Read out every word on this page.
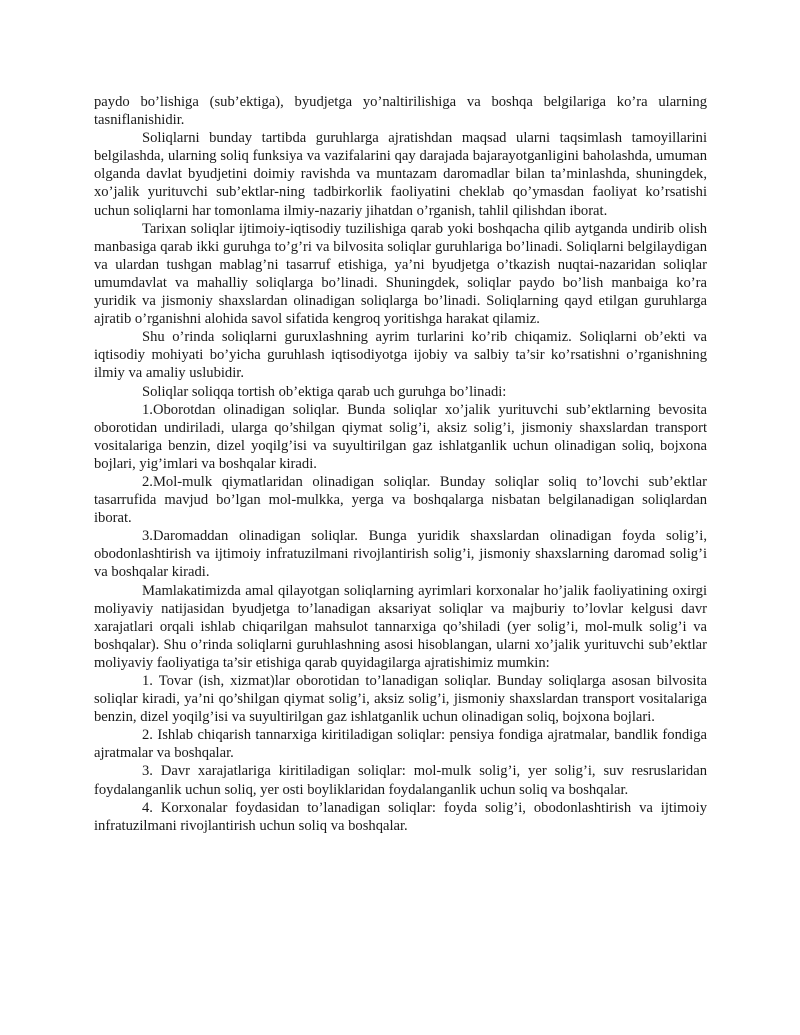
paydo bo’lishiga (sub’ektiga), byudjetga yo’naltirilishiga va boshqa belgilariga ko’ra ularning tasniflanishidir.

Soliqlarni bunday tartibda guruhlarga ajratishdan maqsad ularni taqsimlash tamoyillarini belgilashda, ularning soliq funksiya va vazifalarini qay darajada bajarayotganligini baholashda, umuman olganda davlat byudjetini doimiy ravishda va muntazam daromadlar bilan ta’minlashda, shuningdek, xo’jalik yurituvchi sub’ektlar-ning tadbirkorlik faoliyatini cheklab qo’ymasdan faoliyat ko’rsatishi uchun soliqlarni har tomonlama ilmiy-nazariy jihatdan o’rganish, tahlil qilishdan iborat.

Tarixan soliqlar ijtimoiy-iqtisodiy tuzilishiga qarab yoki boshqacha qilib aytganda undirib olish manbasiga qarab ikki guruhga to’g’ri va bilvosita soliqlar guruhlariga bo’linadi. Soliqlarni belgilaydigan va ulardan tushgan mablag’ni tasarruf etishiga, ya’ni byudjetga o’tkazish nuqtai-nazaridan soliqlar umumdavlat va mahalliy soliqlarga bo’linadi. Shuningdek, soliqlar paydo bo’lish manbaiga ko’ra yuridik va jismoniy shaxslardan olinadigan soliqlarga bo’linadi. Soliqlarning qayd etilgan guruhlarga ajratib o’rganishni alohida savol sifatida kengroq yoritishga harakat qilamiz.

Shu o’rinda soliqlarni guruxlashning ayrim turlarini ko’rib chiqamiz. Soliqlarni ob’ekti va iqtisodiy mohiyati bo’yicha guruhlash iqtisodiyotga ijobiy va salbiy ta’sir ko’rsatishni o’rganishning ilmiy va amaliy uslubidir.

Soliqlar soliqqa tortish ob’ektiga qarab uch guruhga bo’linadi:

1.Oborotdan olinadigan soliqlar. Bunda soliqlar xo’jalik yurituvchi sub’ektlarning bevosita oborotidan undiriladi, ularga qo’shilgan qiymat solig’i, aksiz solig’i, jismoniy shaxslardan transport vositalariga benzin, dizel yoqilg’isi va suyultirilgan gaz ishlatganlik uchun olinadigan soliq, bojxona bojlari, yig’imlari va boshqalar kiradi.

2.Mol-mulk qiymatlaridan olinadigan soliqlar. Bunday soliqlar soliq to’lovchi sub’ektlar tasarrufida mavjud bo’lgan mol-mulkka, yerga va boshqalarga nisbatan belgilanadigan soliqlardan iborat.

3.Daromaddan olinadigan soliqlar. Bunga yuridik shaxslardan olinadigan foyda solig’i, obodonlashtirish va ijtimoiy infratuzilmani rivojlantirish solig’i, jismoniy shaxslarning daromad solig’i va boshqalar kiradi.

Mamlakatimizda amal qilayotgan soliqlarning ayrimlari korxonalar ho’jalik faoliyatining oxirgi moliyaviy natijasidan byudjetga to’lanadigan aksariyat soliqlar va majburiy to’lovlar kelgusi davr xarajatlari orqali ishlab chiqarilgan mahsulot tannarxiga qo’shiladi (yer solig’i, mol-mulk solig’i va boshqalar). Shu o’rinda soliqlarni guruhlashning asosi hisoblangan, ularni xo’jalik yurituvchi sub’ektlar moliyaviy faoliyatiga ta’sir etishiga qarab quyidagilarga ajratishimiz mumkin:

1. Tovar (ish, xizmat)lar oborotidan to’lanadigan soliqlar. Bunday soliqlarga asosan bilvosita soliqlar kiradi, ya’ni qo’shilgan qiymat solig’i, aksiz solig’i, jismoniy shaxslardan transport vositalariga benzin, dizel yoqilg’isi va suyultirilgan gaz ishlatganlik uchun olinadigan soliq, bojxona bojlari.

2. Ishlab chiqarish tannarxiga kiritiladigan soliqlar: pensiya fondiga ajratmalar, bandlik fondiga ajratmalar va boshqalar.

3. Davr xarajatlariga kiritiladigan soliqlar: mol-mulk solig’i, yer solig’i, suv resruslaridan foydalanganlik uchun soliq, yer osti boyliklaridan foydalanganlik uchun soliq va boshqalar.

4. Korxonalar foydasidan to’lanadigan soliqlar: foyda solig’i, obodonlashtirish va ijtimoiy infratuzilmani rivojlantirish uchun soliq va boshqalar.
